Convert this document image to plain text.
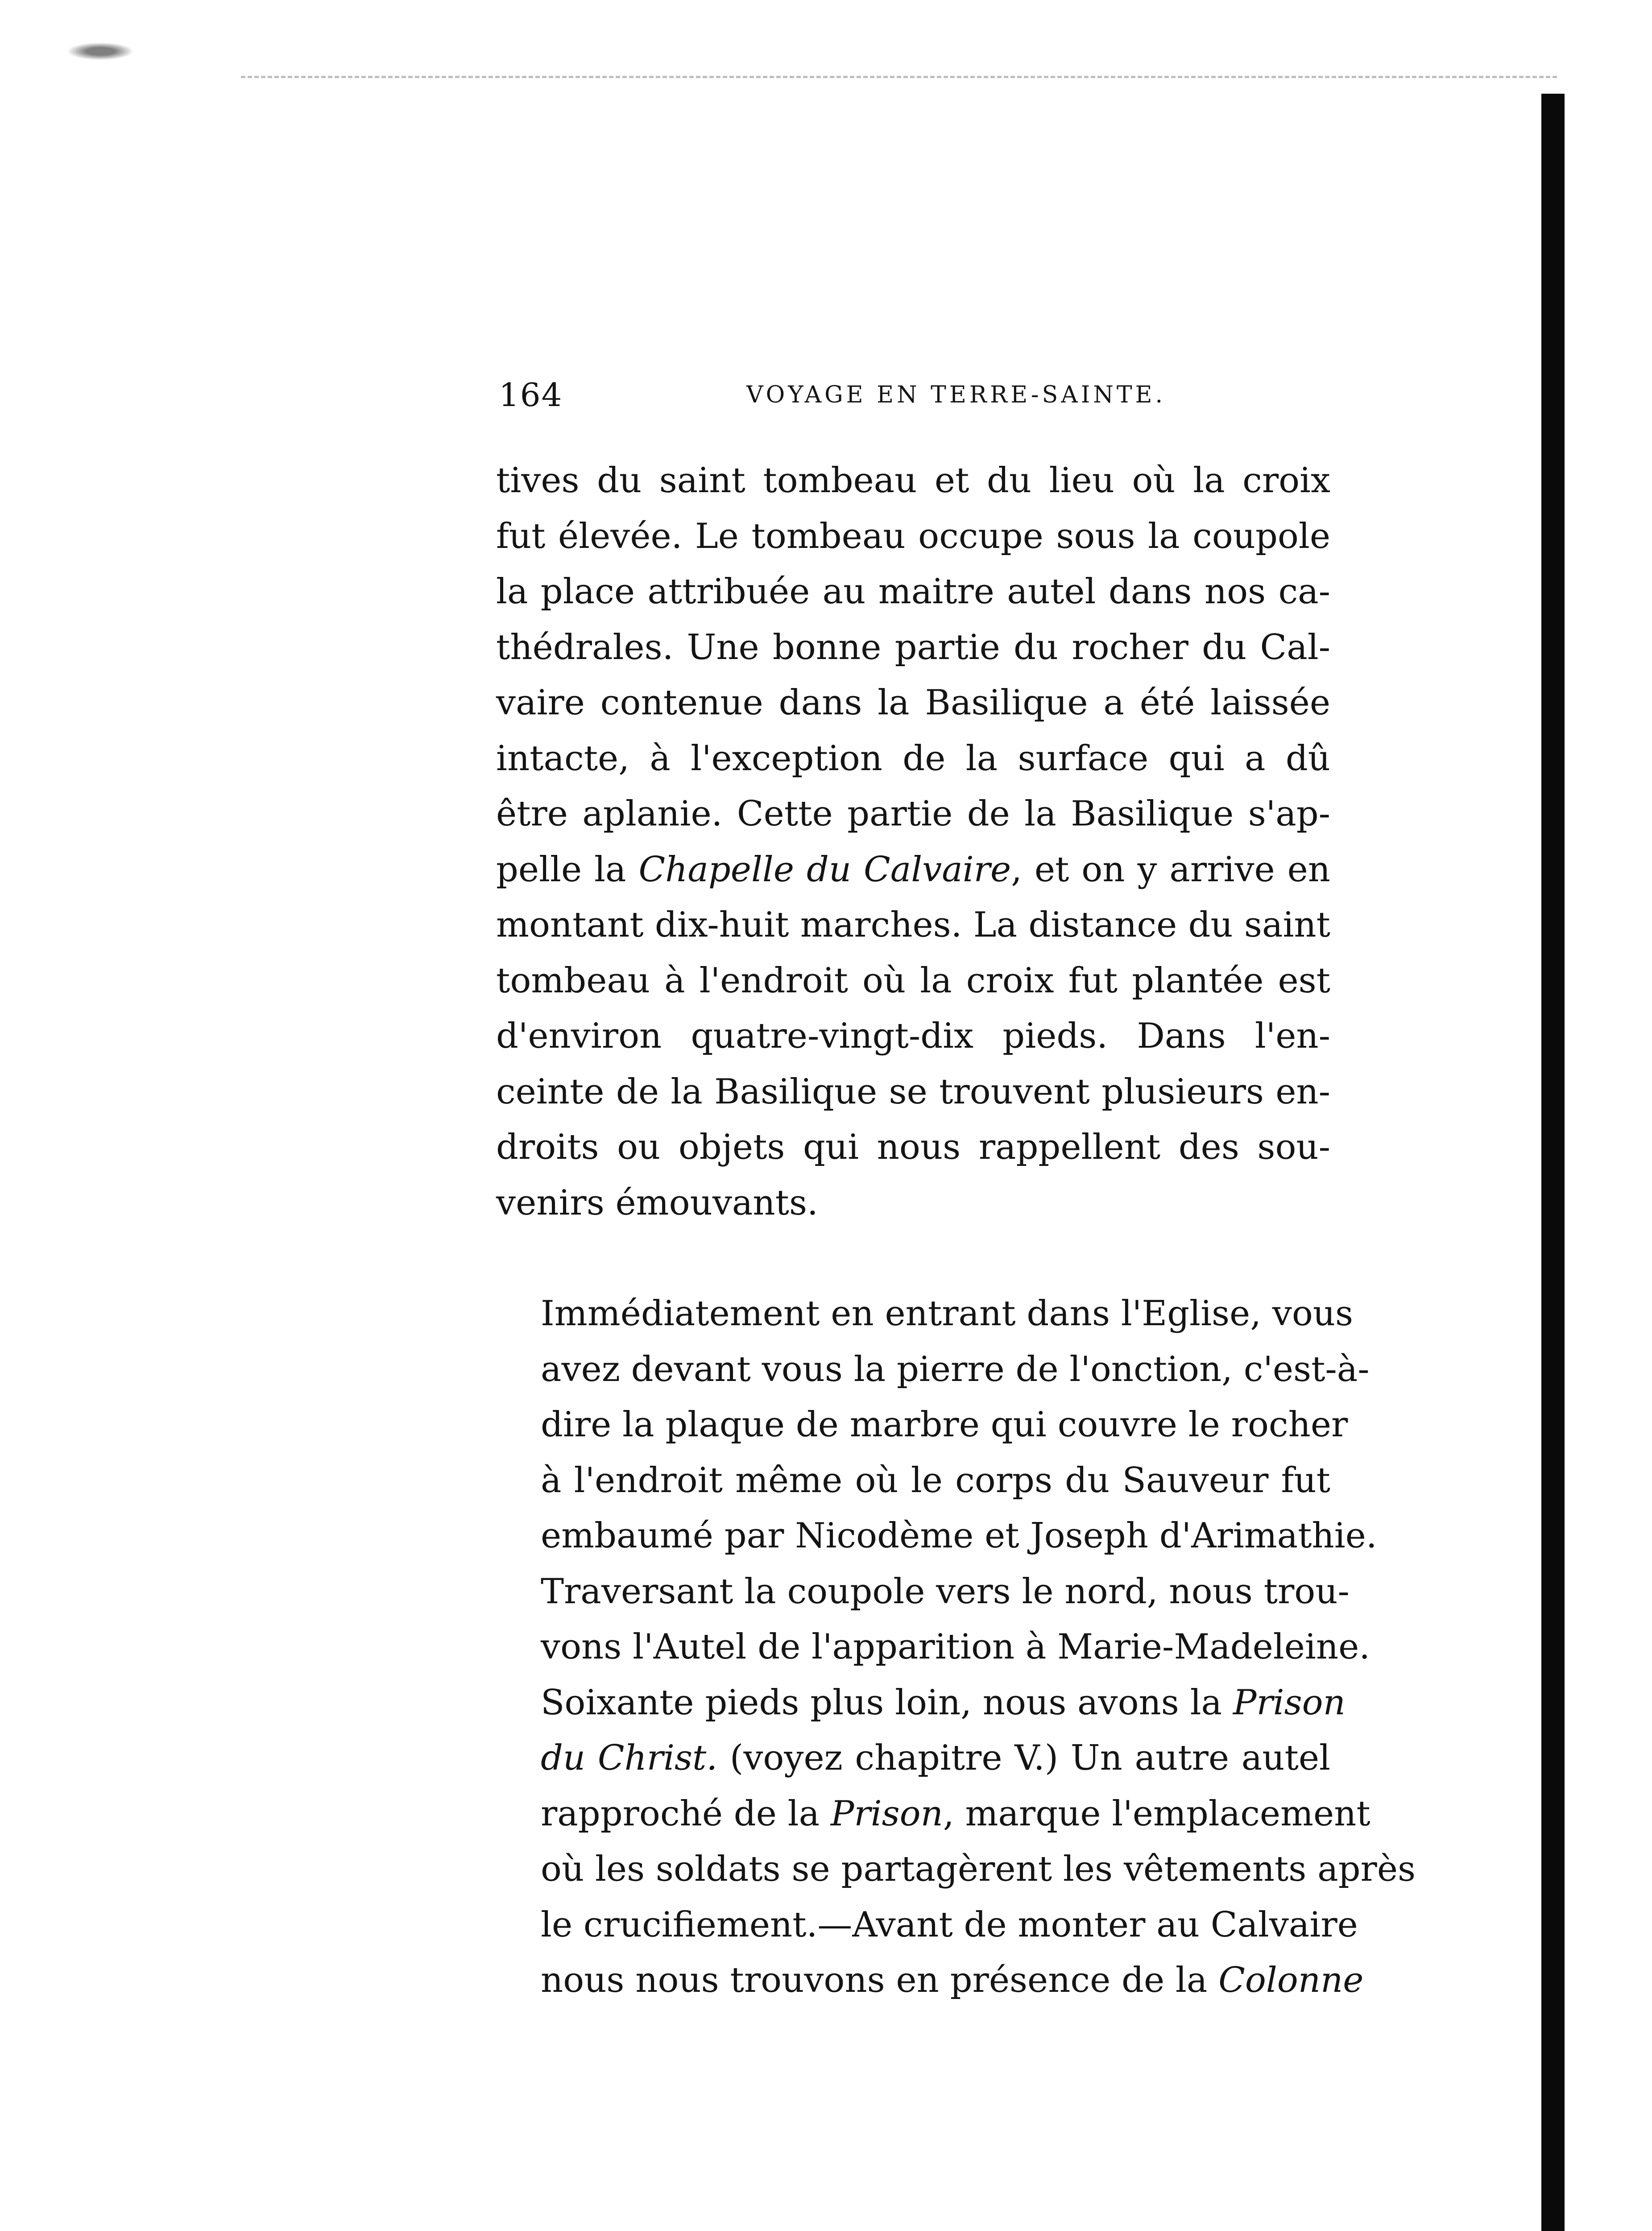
164	VOYAGE EN TERRE-SAINTE.

tives du saint tombeau et du lieu où la croix
fut élevée. Le tombeau occupe sous la coupole
la place attribuée au maitre autel dans nos ca-
thédrales. Une bonne partie du rocher du Cal-
vaire contenue dans la Basilique a été laissée
intacte, à l'exception de la surface qui a dû
être aplanie. Cette partie de la Basilique s'ap-
pelle la Chapelle du Calvaire, et on y arrive en
montant dix-huit marches. La distance du saint
tombeau à l'endroit où la croix fut plantée est
d'environ quatre-vingt-dix pieds. Dans l'en-
ceinte de la Basilique se trouvent plusieurs en-
droits ou objets qui nous rappellent des sou-
venirs émouvants.

Immédiatement en entrant dans l'Eglise, vous
avez devant vous la pierre de l'onction, c'est-à-
dire la plaque de marbre qui couvre le rocher
à l'endroit même où le corps du Sauveur fut
embaumé par Nicodème et Joseph d'Arimathie.
Traversant la coupole vers le nord, nous trou-
vons l'Autel de l'apparition à Marie-Madeleine.
Soixante pieds plus loin, nous avons la Prison
du Christ. (voyez chapitre V.) Un autre autel
rapproché de la Prison, marque l'emplacement
où les soldats se partagèrent les vêtements après
le crucifiement.—Avant de monter au Calvaire
nous nous trouvons en présence de la Colonne
